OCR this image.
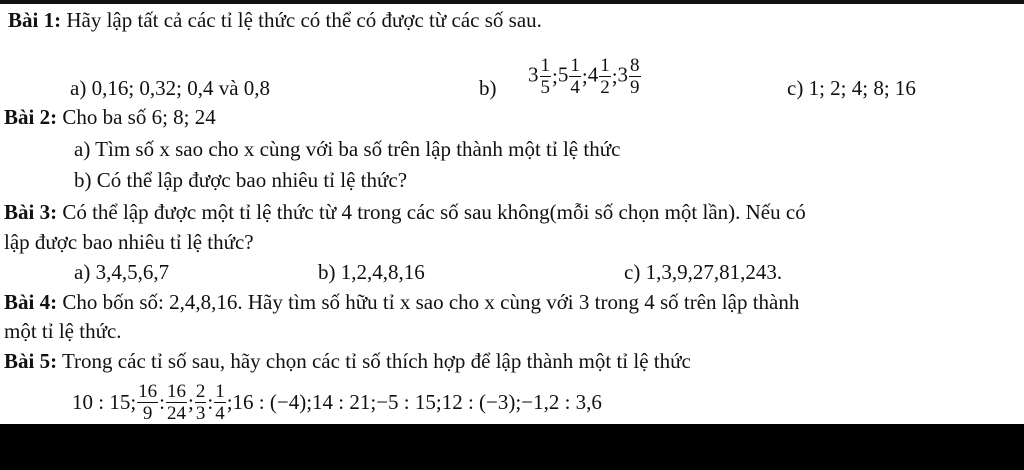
Bài 1: Hãy lập tất cả các tỉ lệ thức có thể có được từ các số sau.
a) 0,16; 0,32; 0,4 và 0,8	b)
$3 \frac{1}{5}$ ;5 $\frac{1}{4}$ ;4 $\frac{1}{2}$ ;3 $\frac{8}{9}$	c) 1; 2; 4; 8; 16
Bài 2: Cho ba số 6; 8; 24
a) Tìm số x sao cho x cùng với ba số trên lập thành một tỉ lệ thức
b) Có thể lập được bao nhiêu tỉ lệ thức?
Bài 3: Có thể lập được một tỉ lệ thức từ 4 trong các số sau không(mỗi số chọn một lần). Nếu có
lập được bao nhiêu tỉ lệ thức?
a) 3,4,5,6,7	b) 1,2,4,8,16	c) 1,3,9,27,81,243.
Bài 4: Cho bốn số: 2,4,8,16. Hãy tìm số hữu tỉ x sao cho x cùng với 3 trong 4 số trên lập thành
một tỉ lệ thức.
Bài 5: Trong các tỉ số sau, hãy chọn các tỉ số thích hợp để lập thành một tỉ lệ thức
10 : 15; $\frac{16}{9}$ : $\frac{16}{24}$ ; $\frac{2}{3}$ : $\frac{1}{4}$ ;16 : (−4);14 : 21;−5 : 15;12 : (−3);−1,2 : 3,6
